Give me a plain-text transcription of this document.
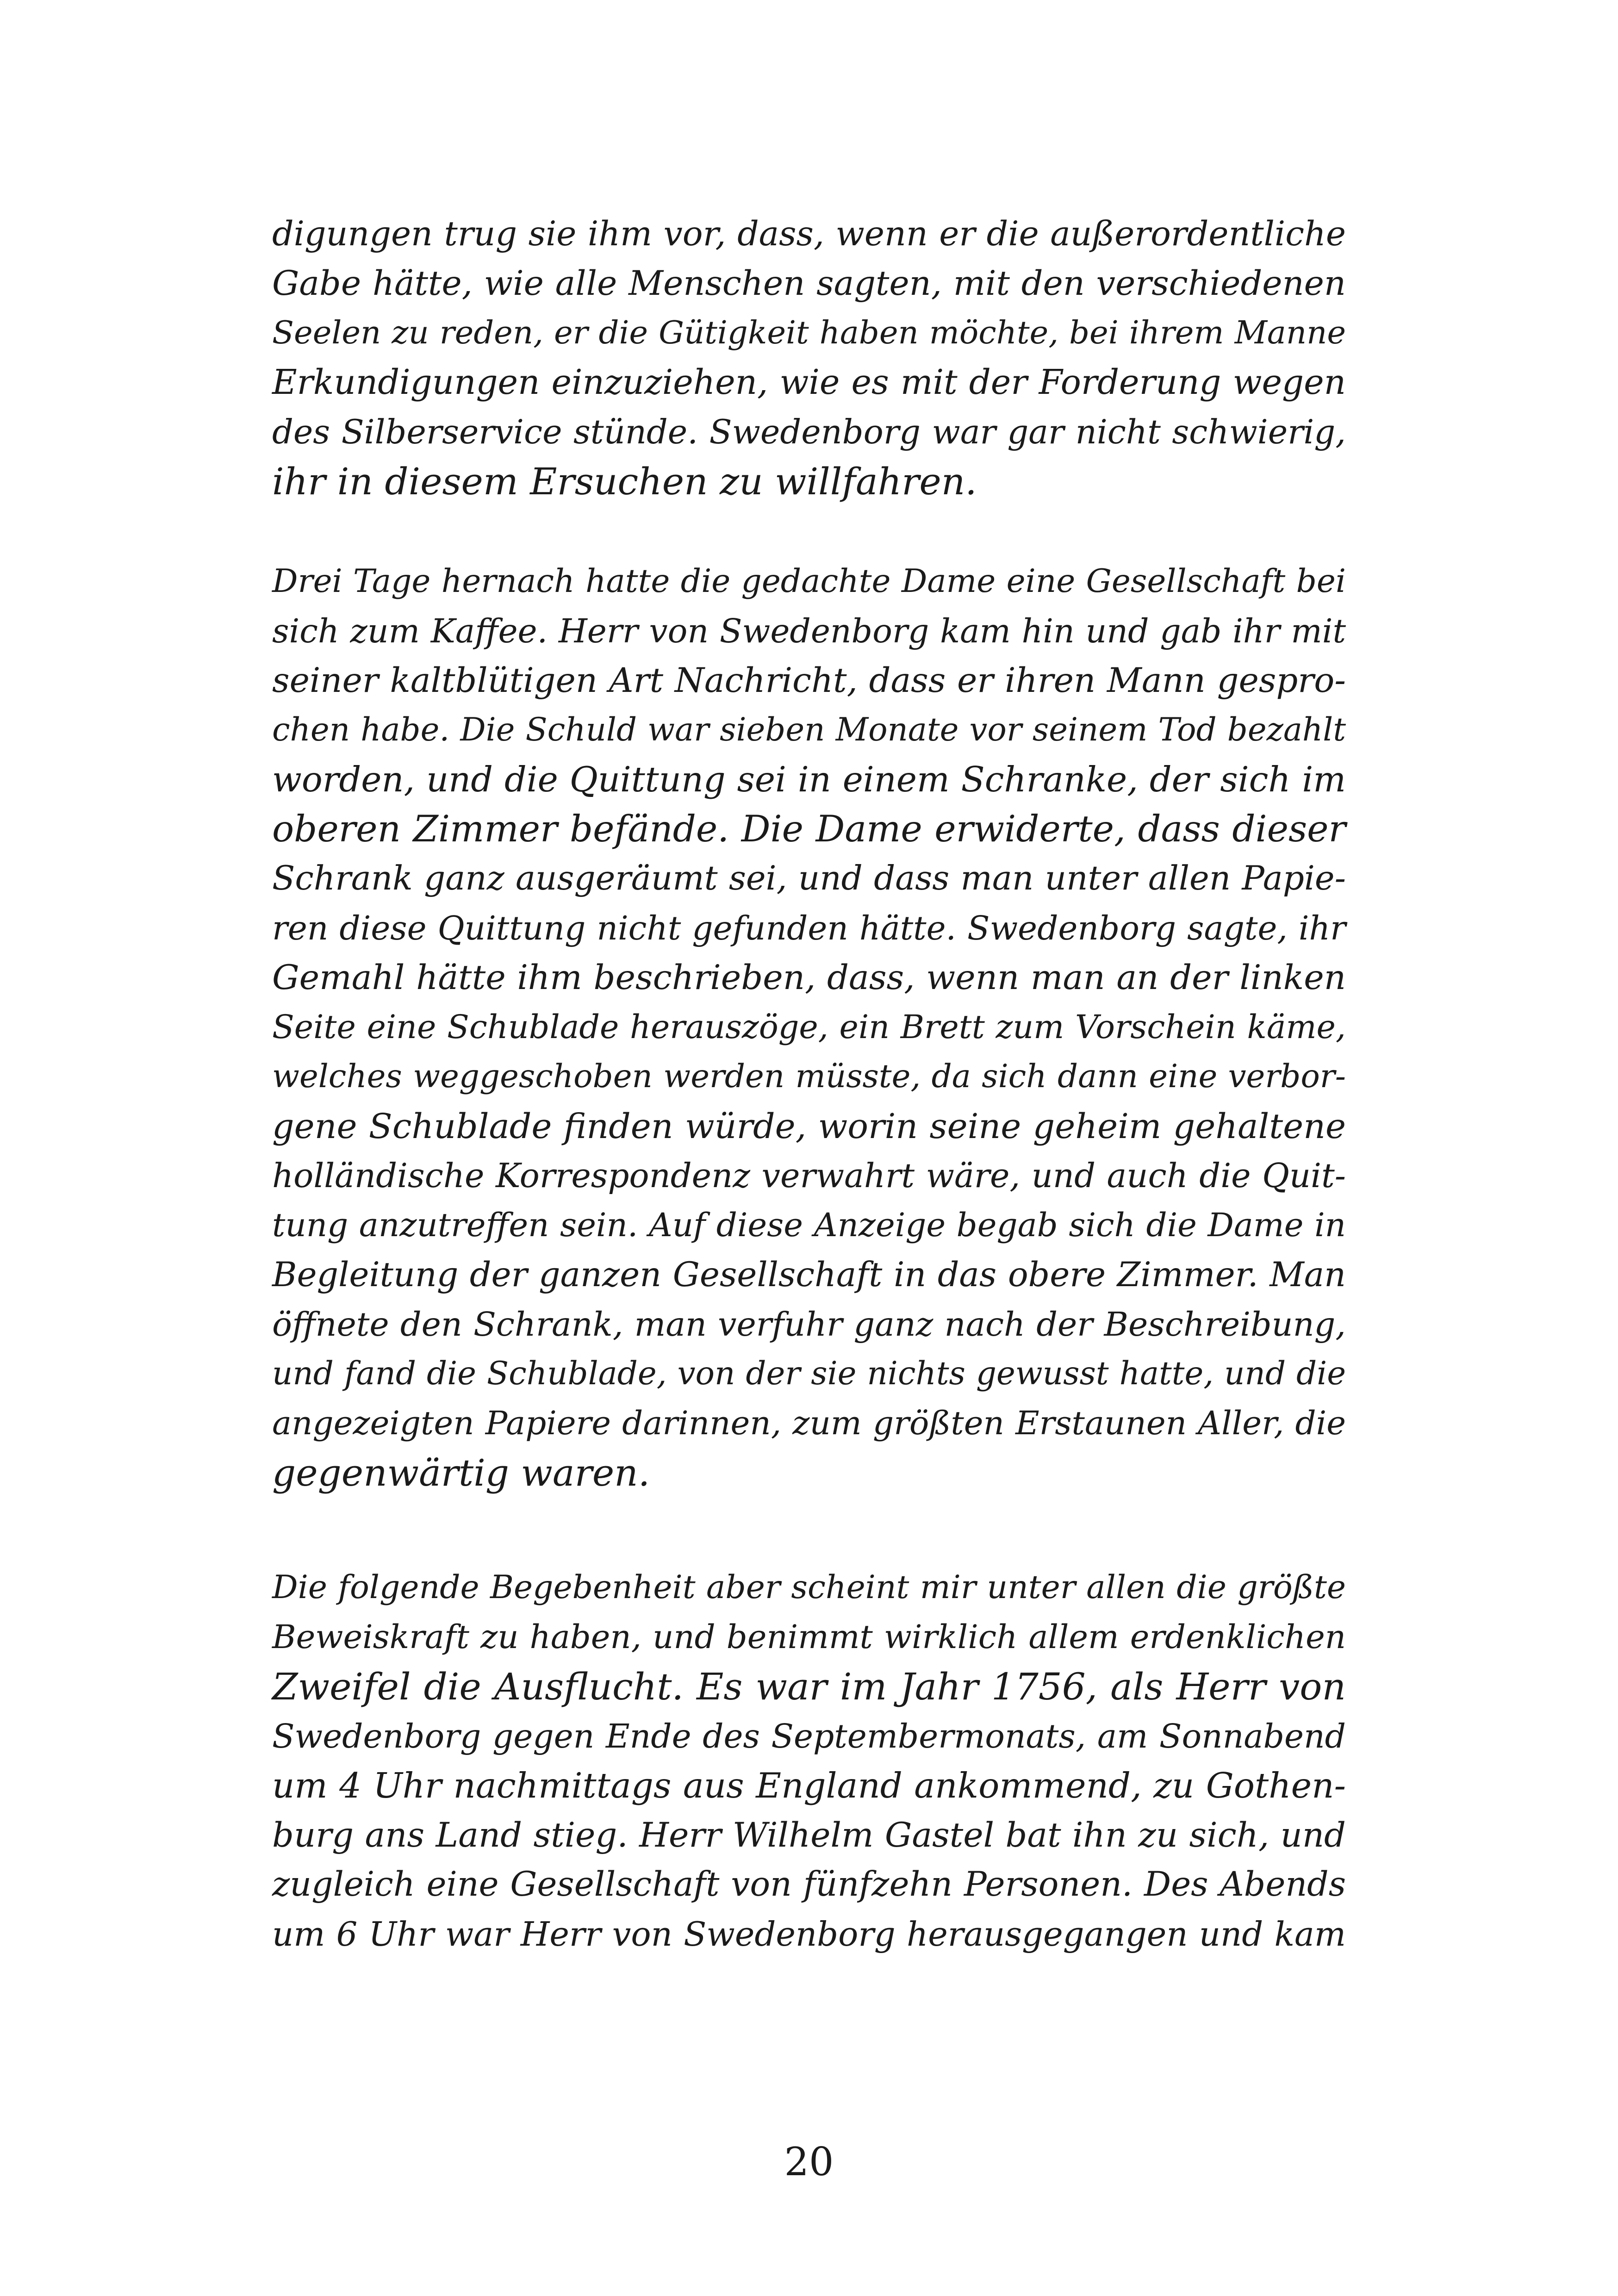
digungen trug sie ihm vor, dass, wenn er die außerordentliche
Gabe hätte, wie alle Menschen sagten, mit den verschiedenen
Seelen zu reden, er die Gütigkeit haben möchte, bei ihrem Manne
Erkundigungen einzuziehen, wie es mit der Forderung wegen
des Silberservice stünde. Swedenborg war gar nicht schwierig,
ihr in diesem Ersuchen zu willfahren.
Drei Tage hernach hatte die gedachte Dame eine Gesellschaft bei
sich zum Kaffee. Herr von Swedenborg kam hin und gab ihr mit
seiner kaltblütigen Art Nachricht, dass er ihren Mann gespro-
chen habe. Die Schuld war sieben Monate vor seinem Tod bezahlt
worden, und die Quittung sei in einem Schranke, der sich im
oberen Zimmer befände. Die Dame erwiderte, dass dieser
Schrank ganz ausgeräumt sei, und dass man unter allen Papie-
ren diese Quittung nicht gefunden hätte. Swedenborg sagte, ihr
Gemahl hätte ihm beschrieben, dass, wenn man an der linken
Seite eine Schublade herauszöge, ein Brett zum Vorschein käme,
welches weggeschoben werden müsste, da sich dann eine verbor-
gene Schublade finden würde, worin seine geheim gehaltene
holländische Korrespondenz verwahrt wäre, und auch die Quit-
tung anzutreffen sein. Auf diese Anzeige begab sich die Dame in
Begleitung der ganzen Gesellschaft in das obere Zimmer. Man
öffnete den Schrank, man verfuhr ganz nach der Beschreibung,
und fand die Schublade, von der sie nichts gewusst hatte, und die
angezeigten Papiere darinnen, zum größten Erstaunen Aller, die
gegenwärtig waren.
Die folgende Begebenheit aber scheint mir unter allen die größte
Beweiskraft zu haben, und benimmt wirklich allem erdenklichen
Zweifel die Ausflucht. Es war im Jahr 1756, als Herr von
Swedenborg gegen Ende des Septembermonats, am Sonnabend
um 4 Uhr nachmittags aus England ankommend, zu Gothen-
burg ans Land stieg. Herr Wilhelm Gastel bat ihn zu sich, und
zugleich eine Gesellschaft von fünfzehn Personen. Des Abends
um 6 Uhr war Herr von Swedenborg herausgegangen und kam
20
